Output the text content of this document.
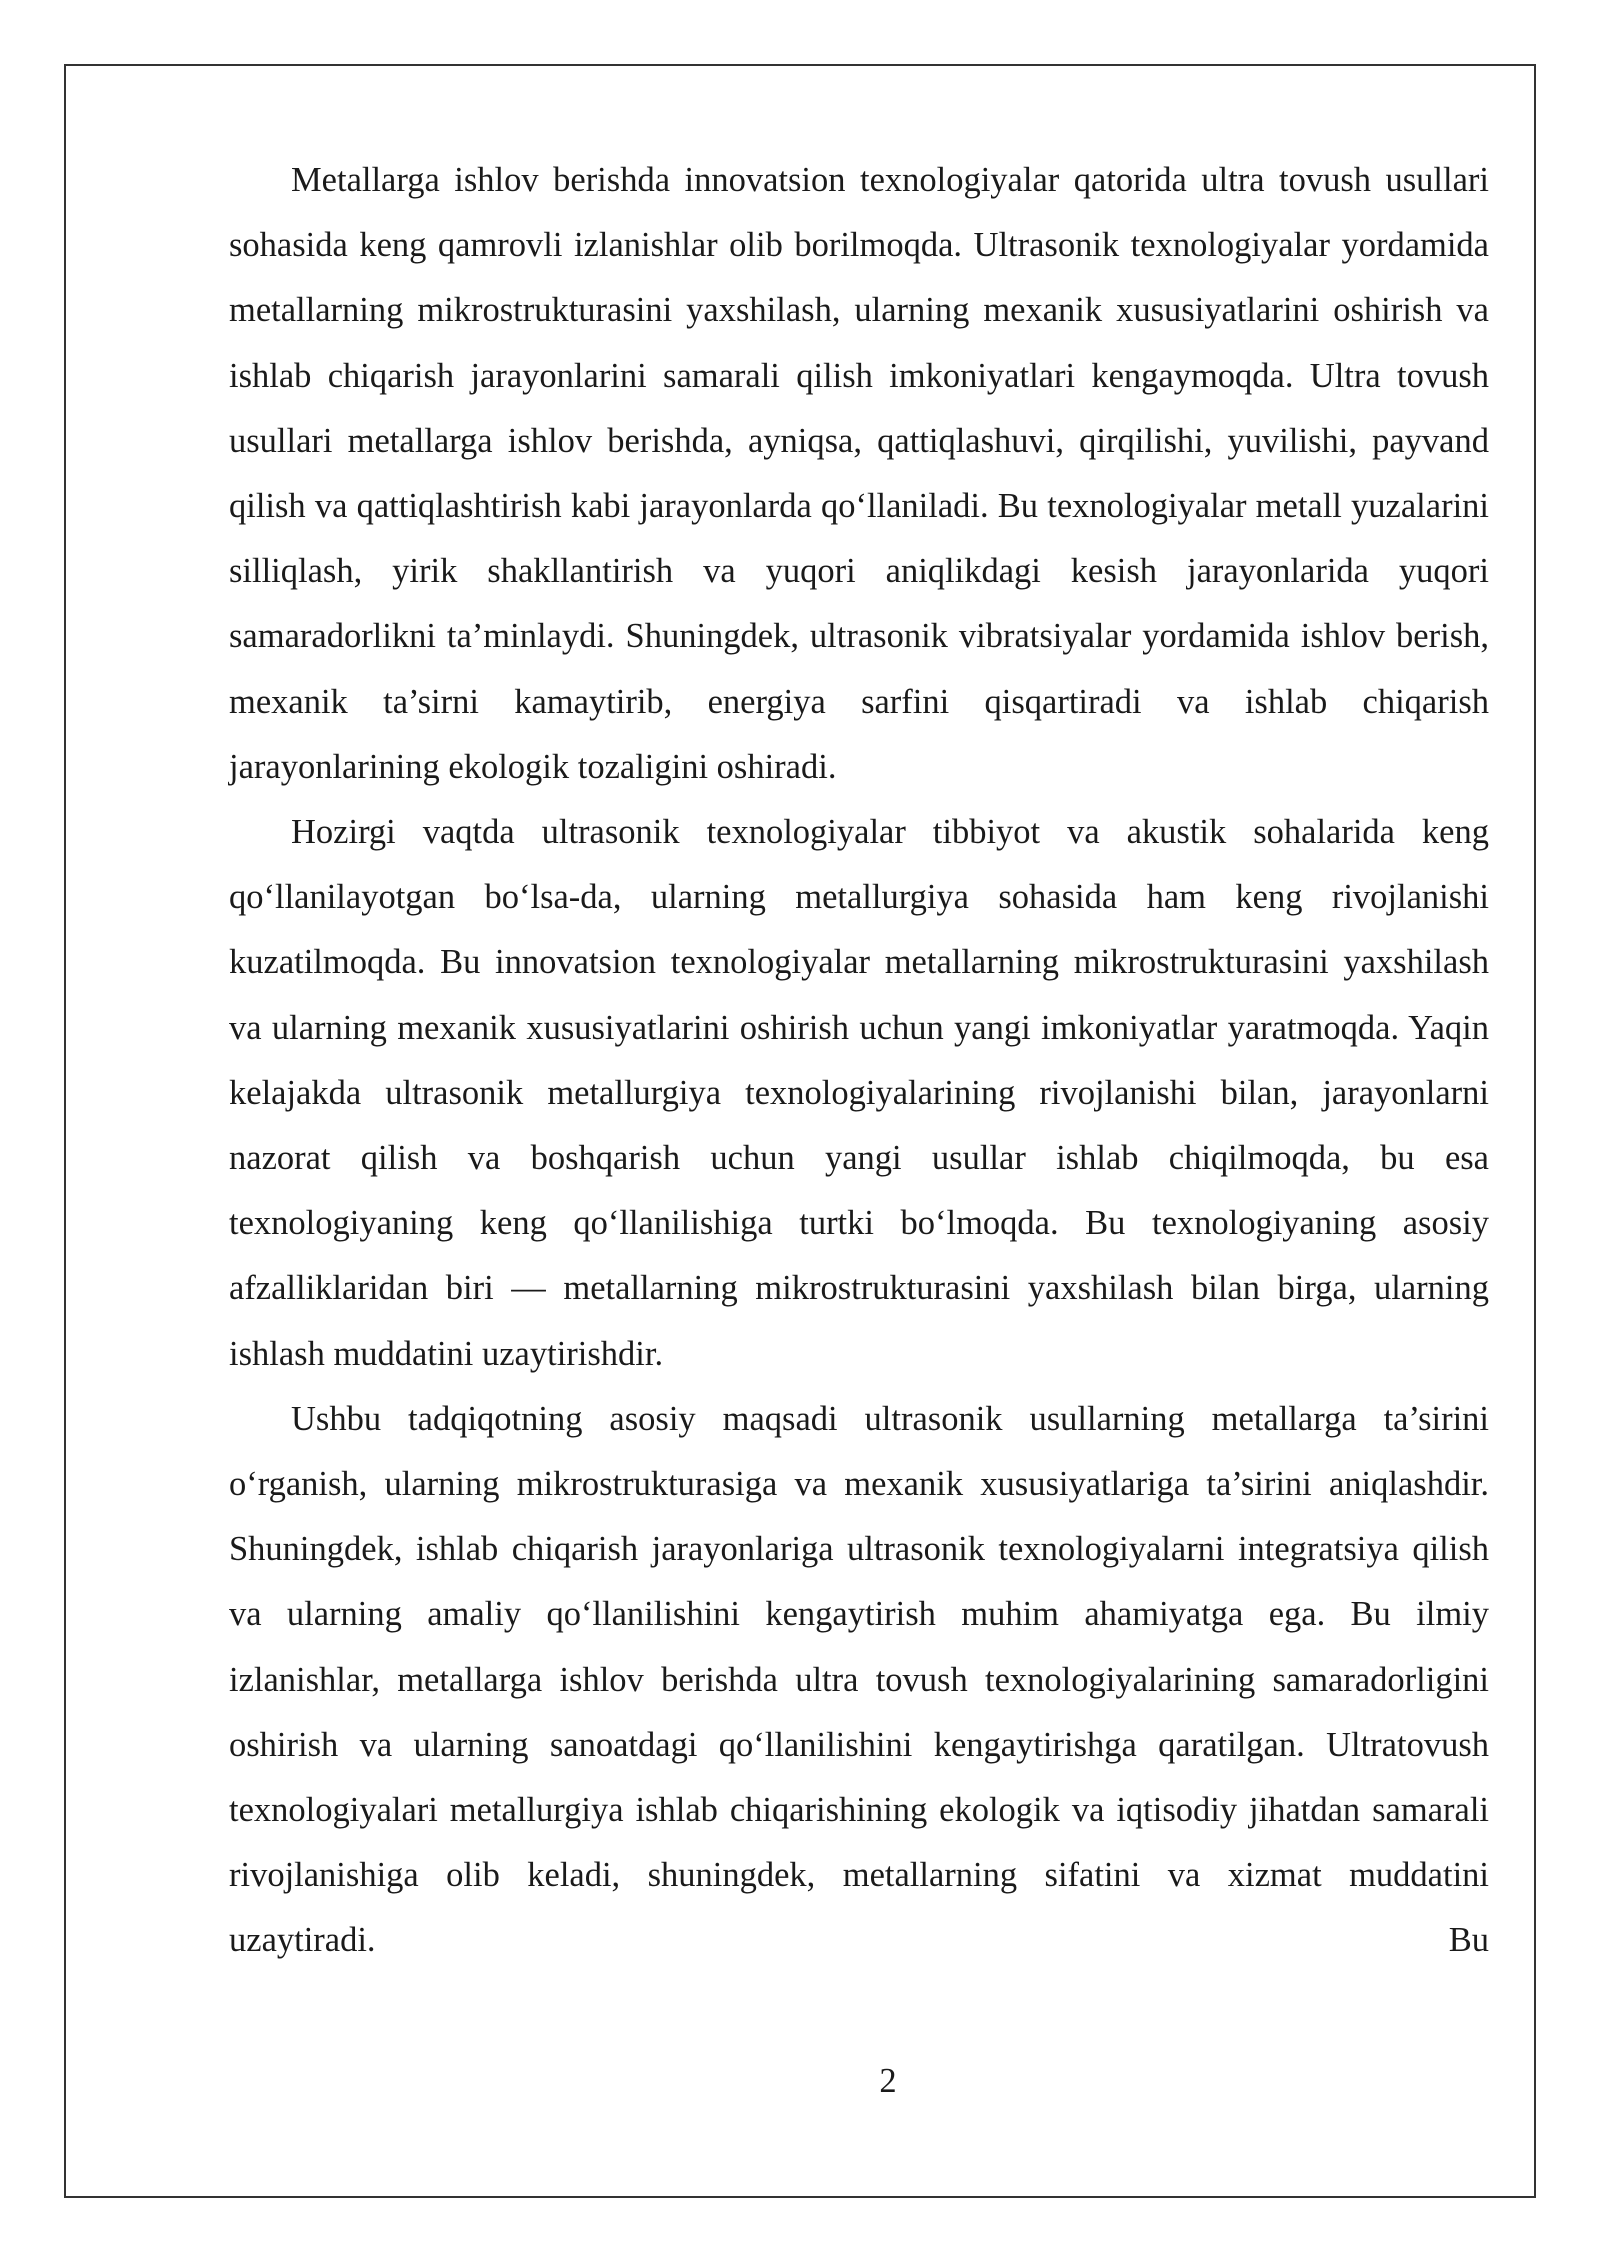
Metallarga ishlov berishda innovatsion texnologiyalar qatorida ultra tovush usullari sohasida keng qamrovli izlanishlar olib borilmoqda. Ultrasonik texnologiyalar yordamida metallarning mikrostrukturasini yaxshilash, ularning mexanik xususiyatlarini oshirish va ishlab chiqarish jarayonlarini samarali qilish imkoniyatlari kengaymoqda. Ultra tovush usullari metallarga ishlov berishda, ayniqsa, qattiqlashuvi, qirqilishi, yuvilishi, payvand qilish va qattiqlashtirish kabi jarayonlarda qo‘llaniladi. Bu texnologiyalar metall yuzalarini silliqlash, yirik shakllantirish va yuqori aniqlikdagi kesish jarayonlarida yuqori samaradorlikni ta’minlaydi. Shuningdek, ultrasonik vibratsiyalar yordamida ishlov berish, mexanik ta’sirni kamaytirib, energiya sarfini qisqartiradi va ishlab chiqarish jarayonlarining ekologik tozaligini oshiradi.

Hozirgi vaqtda ultrasonik texnologiyalar tibbiyot va akustik sohalarida keng qo‘llanilayotgan bo‘lsa-da, ularning metallurgiya sohasida ham keng rivojlanishi kuzatilmoqda. Bu innovatsion texnologiyalar metallarning mikrostrukturasini yaxshilash va ularning mexanik xususiyatlarini oshirish uchun yangi imkoniyatlar yaratmoqda. Yaqin kelajakda ultrasonik metallurgiya texnologiyalarining rivojlanishi bilan, jarayonlarni nazorat qilish va boshqarish uchun yangi usullar ishlab chiqilmoqda, bu esa texnologiyaning keng qo‘llanilishiga turtki bo‘lmoqda. Bu texnologiyaning asosiy afzalliklaridan biri — metallarning mikrostrukturasini yaxshilash bilan birga, ularning ishlash muddatini uzaytirishdir.

Ushbu tadqiqotning asosiy maqsadi ultrasonik usullarning metallarga ta’sirini o‘rganish, ularning mikrostrukturasiga va mexanik xususiyatlariga ta’sirini aniqlashdir. Shuningdek, ishlab chiqarish jarayonlariga ultrasonik texnologiyalarni integratsiya qilish va ularning amaliy qo‘llanilishini kengaytirish muhim ahamiyatga ega. Bu ilmiy izlanishlar, metallarga ishlov berishda ultra tovush texnologiyalarining samaradorligini oshirish va ularning sanoatdagi qo‘llanilishini kengaytirishga qaratilgan. Ultratovush texnologiyalari metallurgiya ishlab chiqarishining ekologik va iqtisodiy jihatdan samarali rivojlanishiga olib keladi, shuningdek, metallarning sifatini va xizmat muddatini uzaytiradi. Bu

2
